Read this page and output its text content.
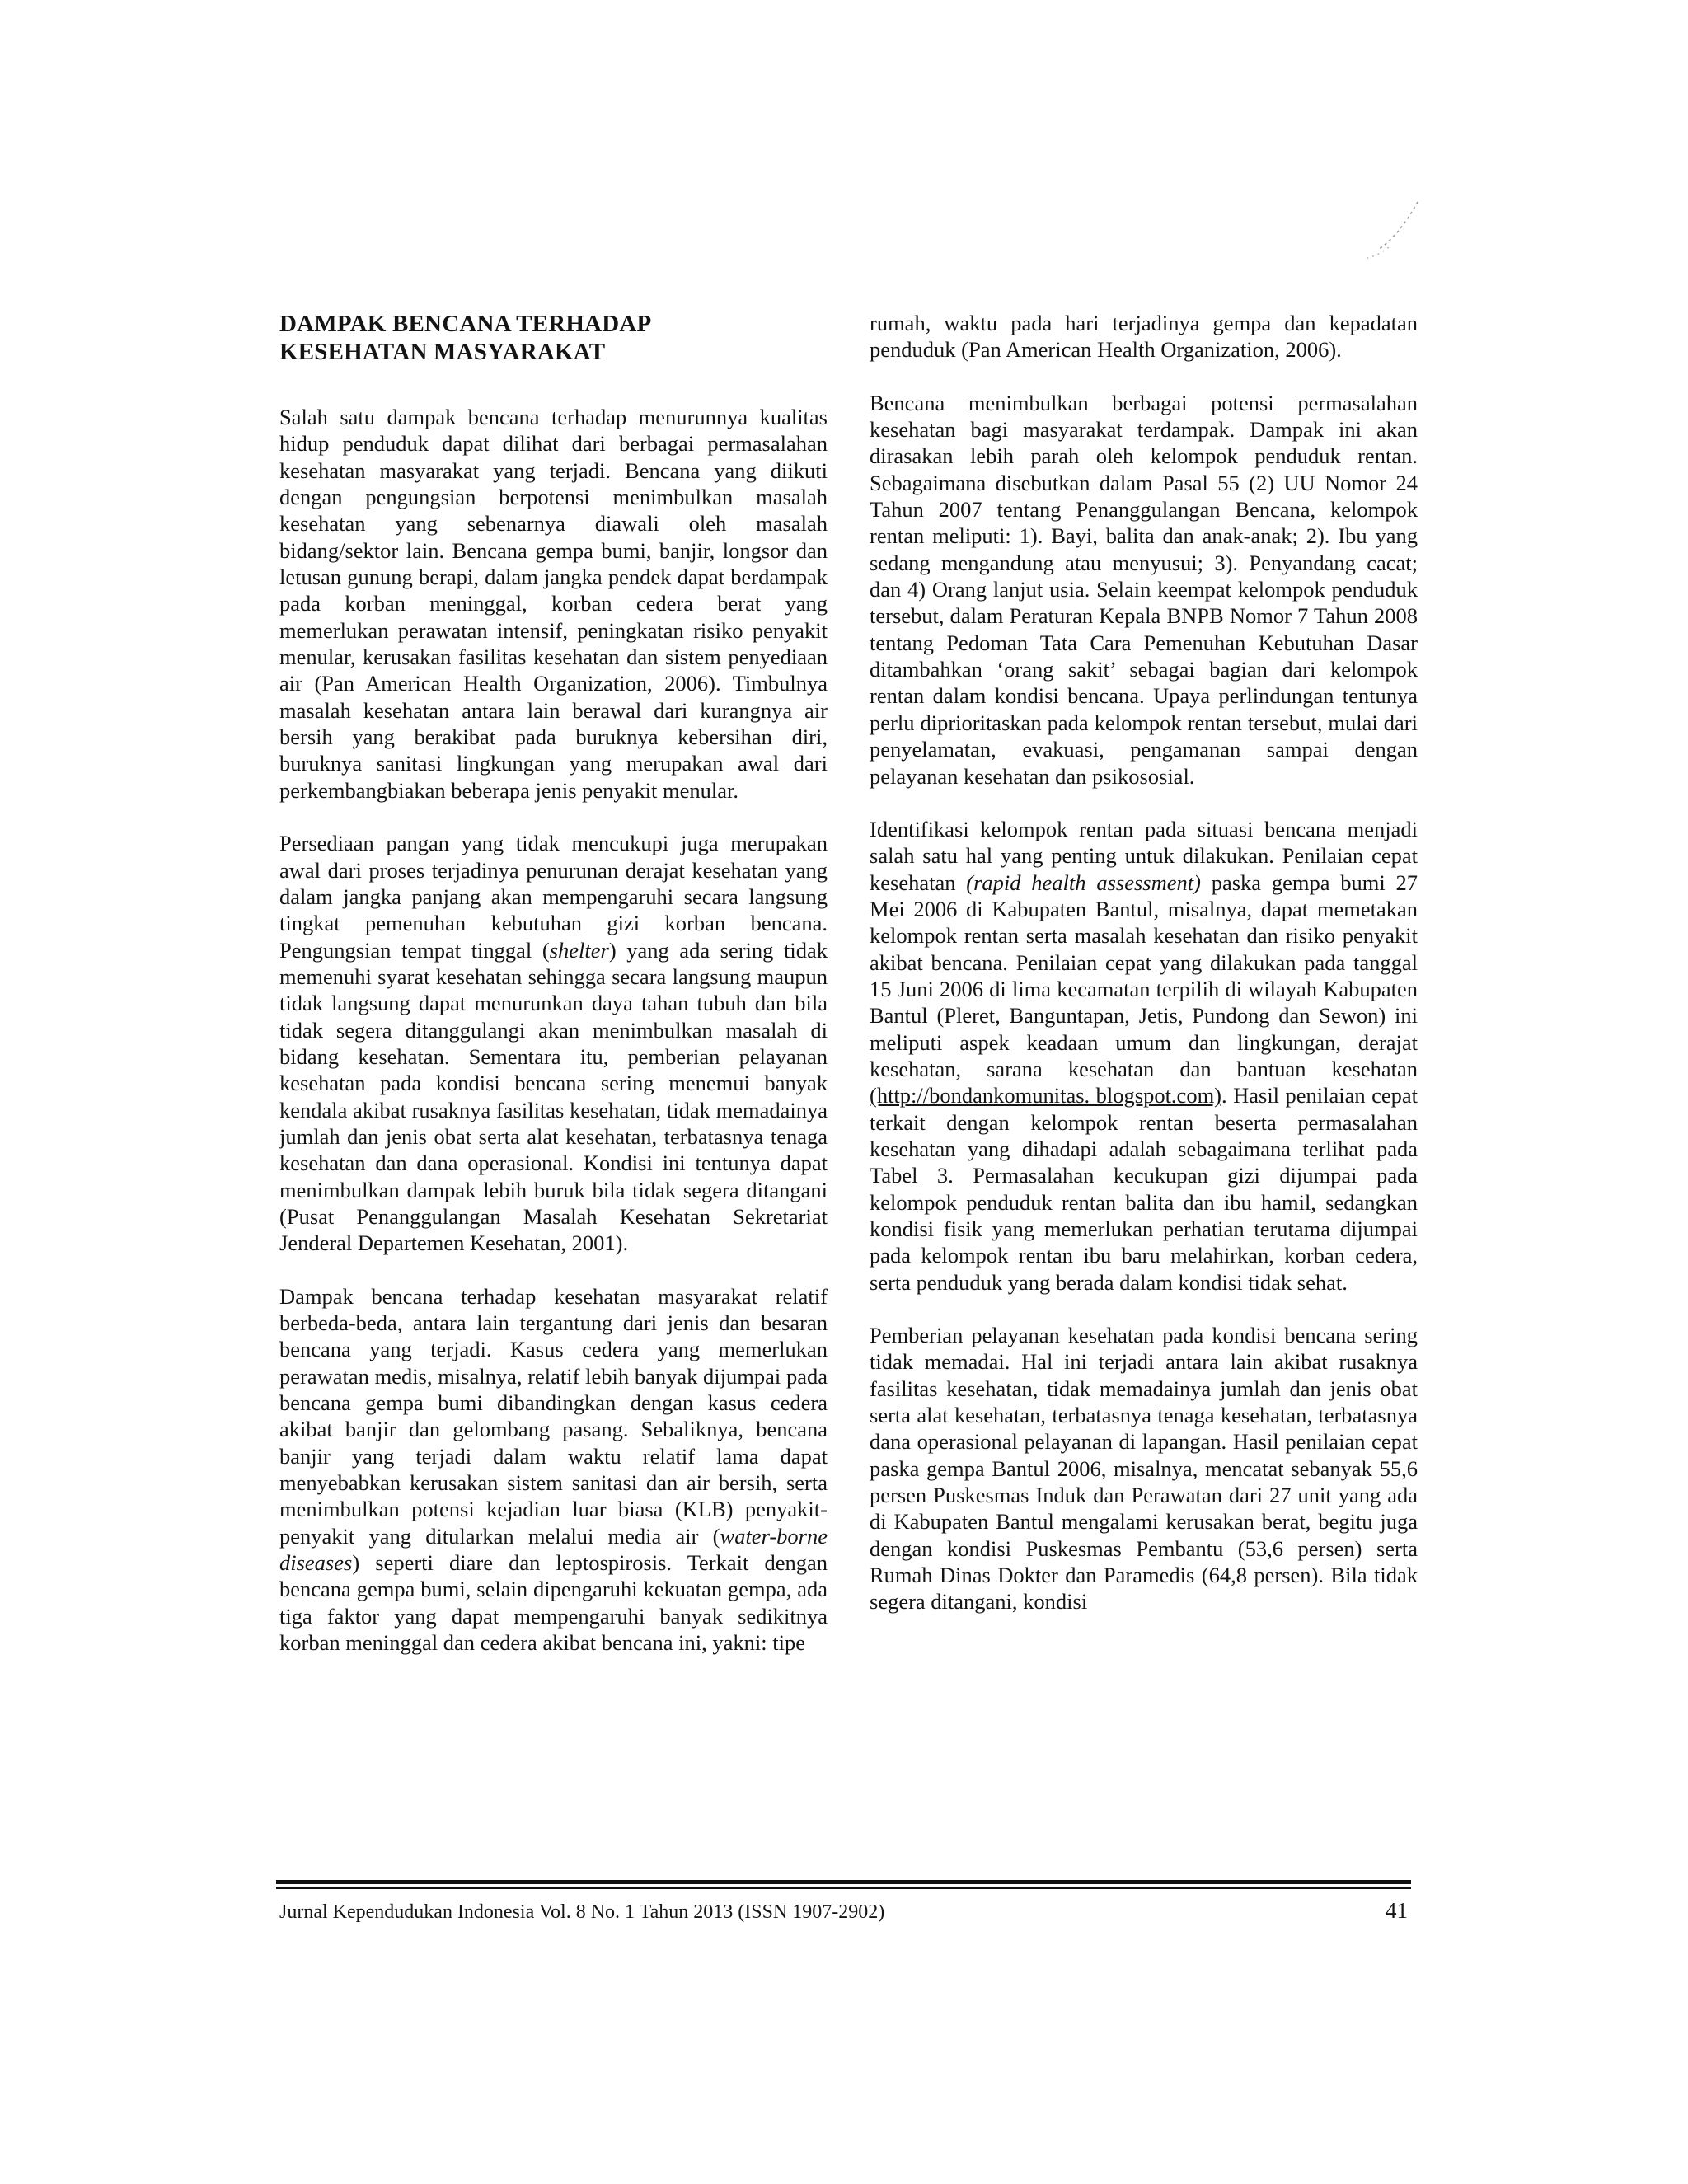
DAMPAK BENCANA TERHADAP
KESEHATAN MASYARAKAT

Salah satu dampak bencana terhadap menurunnya kualitas hidup penduduk dapat dilihat dari berbagai permasalahan kesehatan masyarakat yang terjadi. Bencana yang diikuti dengan pengungsian berpotensi menimbulkan masalah kesehatan yang sebenarnya diawali oleh masalah bidang/sektor lain. Bencana gempa bumi, banjir, longsor dan letusan gunung berapi, dalam jangka pendek dapat berdampak pada korban meninggal, korban cedera berat yang memerlukan perawatan intensif, peningkatan risiko penyakit menular, kerusakan fasilitas kesehatan dan sistem penyediaan air (Pan American Health Organization, 2006). Timbulnya masalah kesehatan antara lain berawal dari kurangnya air bersih yang berakibat pada buruknya kebersihan diri, buruknya sanitasi lingkungan yang merupakan awal dari perkembangbiakan beberapa jenis penyakit menular.

Persediaan pangan yang tidak mencukupi juga merupakan awal dari proses terjadinya penurunan derajat kesehatan yang dalam jangka panjang akan mempengaruhi secara langsung tingkat pemenuhan kebutuhan gizi korban bencana. Pengungsian tempat tinggal (shelter) yang ada sering tidak memenuhi syarat kesehatan sehingga secara langsung maupun tidak langsung dapat menurunkan daya tahan tubuh dan bila tidak segera ditanggulangi akan menimbulkan masalah di bidang kesehatan. Sementara itu, pemberian pelayanan kesehatan pada kondisi bencana sering menemui banyak kendala akibat rusaknya fasilitas kesehatan, tidak memadainya jumlah dan jenis obat serta alat kesehatan, terbatasnya tenaga kesehatan dan dana operasional. Kondisi ini tentunya dapat menimbulkan dampak lebih buruk bila tidak segera ditangani (Pusat Penanggulangan Masalah Kesehatan Sekretariat Jenderal Departemen Kesehatan, 2001).

Dampak bencana terhadap kesehatan masyarakat relatif berbeda-beda, antara lain tergantung dari jenis dan besaran bencana yang terjadi. Kasus cedera yang memerlukan perawatan medis, misalnya, relatif lebih banyak dijumpai pada bencana gempa bumi dibandingkan dengan kasus cedera akibat banjir dan gelombang pasang. Sebaliknya, bencana banjir yang terjadi dalam waktu relatif lama dapat menyebabkan kerusakan sistem sanitasi dan air bersih, serta menimbulkan potensi kejadian luar biasa (KLB) penyakit-penyakit yang ditularkan melalui media air (water-borne diseases) seperti diare dan leptospirosis. Terkait dengan bencana gempa bumi, selain dipengaruhi kekuatan gempa, ada tiga faktor yang dapat mempengaruhi banyak sedikitnya korban meninggal dan cedera akibat bencana ini, yakni: tipe

rumah, waktu pada hari terjadinya gempa dan kepadatan penduduk (Pan American Health Organization, 2006).

Bencana menimbulkan berbagai potensi permasalahan kesehatan bagi masyarakat terdampak. Dampak ini akan dirasakan lebih parah oleh kelompok penduduk rentan. Sebagaimana disebutkan dalam Pasal 55 (2) UU Nomor 24 Tahun 2007 tentang Penanggulangan Bencana, kelompok rentan meliputi: 1). Bayi, balita dan anak-anak; 2). Ibu yang sedang mengandung atau menyusui; 3). Penyandang cacat; dan 4) Orang lanjut usia. Selain keempat kelompok penduduk tersebut, dalam Peraturan Kepala BNPB Nomor 7 Tahun 2008 tentang Pedoman Tata Cara Pemenuhan Kebutuhan Dasar ditambahkan ‘orang sakit’ sebagai bagian dari kelompok rentan dalam kondisi bencana. Upaya perlindungan tentunya perlu diprioritaskan pada kelompok rentan tersebut, mulai dari penyelamatan, evakuasi, pengamanan sampai dengan pelayanan kesehatan dan psikososial.

Identifikasi kelompok rentan pada situasi bencana menjadi salah satu hal yang penting untuk dilakukan. Penilaian cepat kesehatan (rapid health assessment) paska gempa bumi 27 Mei 2006 di Kabupaten Bantul, misalnya, dapat memetakan kelompok rentan serta masalah kesehatan dan risiko penyakit akibat bencana. Penilaian cepat yang dilakukan pada tanggal 15 Juni 2006 di lima kecamatan terpilih di wilayah Kabupaten Bantul (Pleret, Banguntapan, Jetis, Pundong dan Sewon) ini meliputi aspek keadaan umum dan lingkungan, derajat kesehatan, sarana kesehatan dan bantuan kesehatan (http://bondankomunitas. blogspot.com). Hasil penilaian cepat terkait dengan kelompok rentan beserta permasalahan kesehatan yang dihadapi adalah sebagaimana terlihat pada Tabel 3. Permasalahan kecukupan gizi dijumpai pada kelompok penduduk rentan balita dan ibu hamil, sedangkan kondisi fisik yang memerlukan perhatian terutama dijumpai pada kelompok rentan ibu baru melahirkan, korban cedera, serta penduduk yang berada dalam kondisi tidak sehat.

Pemberian pelayanan kesehatan pada kondisi bencana sering tidak memadai. Hal ini terjadi antara lain akibat rusaknya fasilitas kesehatan, tidak memadainya jumlah dan jenis obat serta alat kesehatan, terbatasnya tenaga kesehatan, terbatasnya dana operasional pelayanan di lapangan. Hasil penilaian cepat paska gempa Bantul 2006, misalnya, mencatat sebanyak 55,6 persen Puskesmas Induk dan Perawatan dari 27 unit yang ada di Kabupaten Bantul mengalami kerusakan berat, begitu juga dengan kondisi Puskesmas Pembantu (53,6 persen) serta Rumah Dinas Dokter dan Paramedis (64,8 persen). Bila tidak segera ditangani, kondisi

Jurnal Kependudukan Indonesia Vol. 8 No. 1 Tahun 2013 (ISSN 1907-2902)	41
